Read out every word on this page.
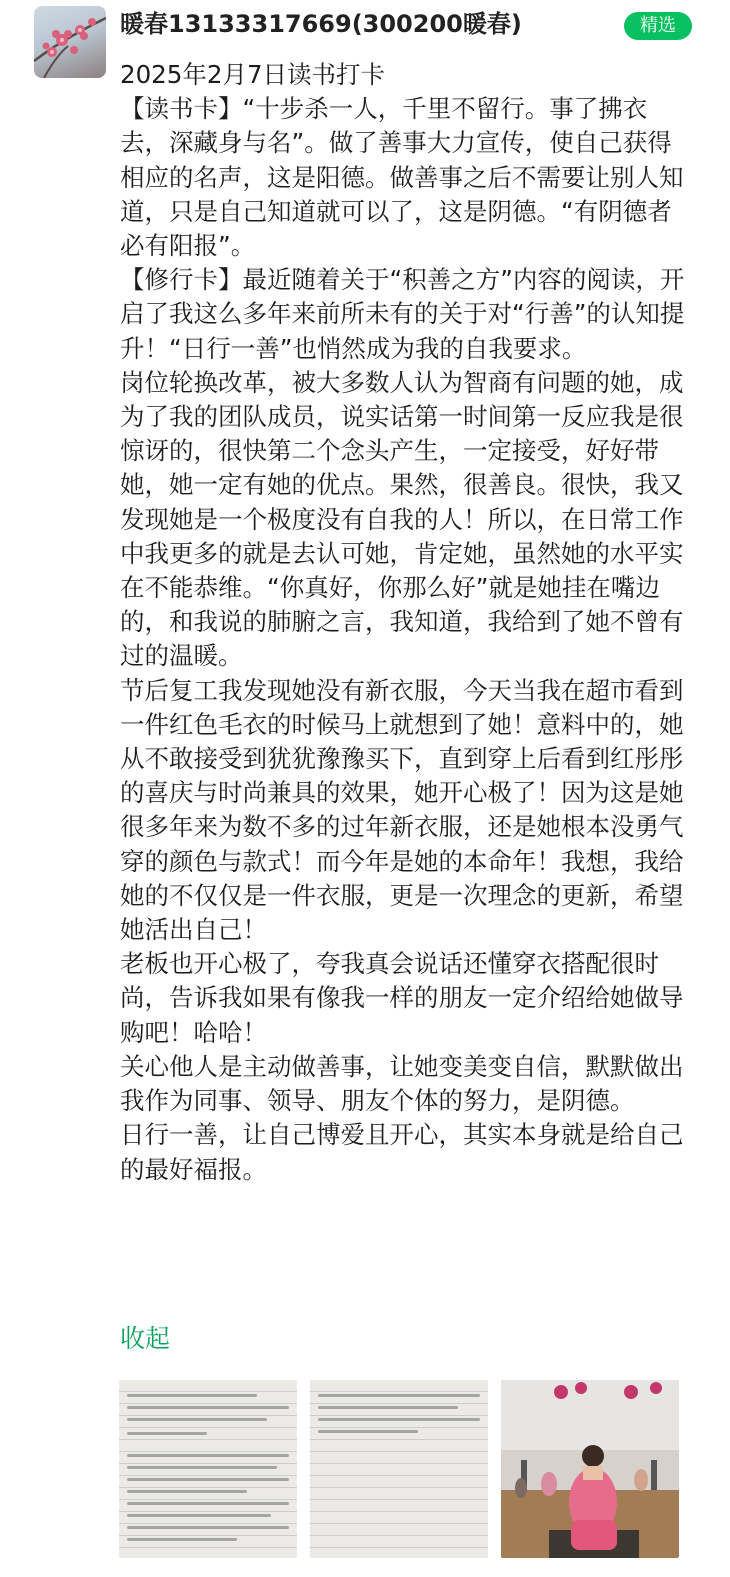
暖春13133317669(300200暖春)	精选

2025年2月7日读书打卡

【读书卡】“十步杀一人，千里不留行。事了拂衣去，深藏身与名”。做了善事大力宣传，使自己获得相应的名声，这是阳德。做善事之后不需要让别人知道，只是自己知道就可以了，这是阴德。“有阴德者必有阳报”。

【修行卡】最近随着关于“积善之方”内容的阅读，开启了我这么多年来前所未有的关于对“行善”的认知提升！“日行一善”也悄然成为我的自我要求。

岗位轮换改革，被大多数人认为智商有问题的她，成为了我的团队成员，说实话第一时间第一反应我是很惊讶的，很快第二个念头产生，一定接受，好好带她，她一定有她的优点。果然，很善良。很快，我又发现她是一个极度没有自我的人！所以，在日常工作中我更多的就是去认可她，肯定她，虽然她的水平实在不能恭维。“你真好，你那么好”就是她挂在嘴边的，和我说的肺腑之言，我知道，我给到了她不曾有过的温暖。

节后复工我发现她没有新衣服，今天当我在超市看到一件红色毛衣的时候马上就想到了她！意料中的，她从不敢接受到犹犹豫豫买下，直到穿上后看到红彤彤的喜庆与时尚兼具的效果，她开心极了！因为这是她很多年来为数不多的过年新衣服，还是她根本没勇气穿的颜色与款式！而今年是她的本命年！我想，我给她的不仅仅是一件衣服，更是一次理念的更新，希望她活出自己！

老板也开心极了，夸我真会说话还懂穿衣搭配很时尚，告诉我如果有像我一样的朋友一定介绍给她做导购吧！哈哈！

关心他人是主动做善事，让她变美变自信，默默做出我作为同事、领导、朋友个体的努力，是阴德。

日行一善，让自己博爱且开心，其实本身就是给自己的最好福报。

收起
